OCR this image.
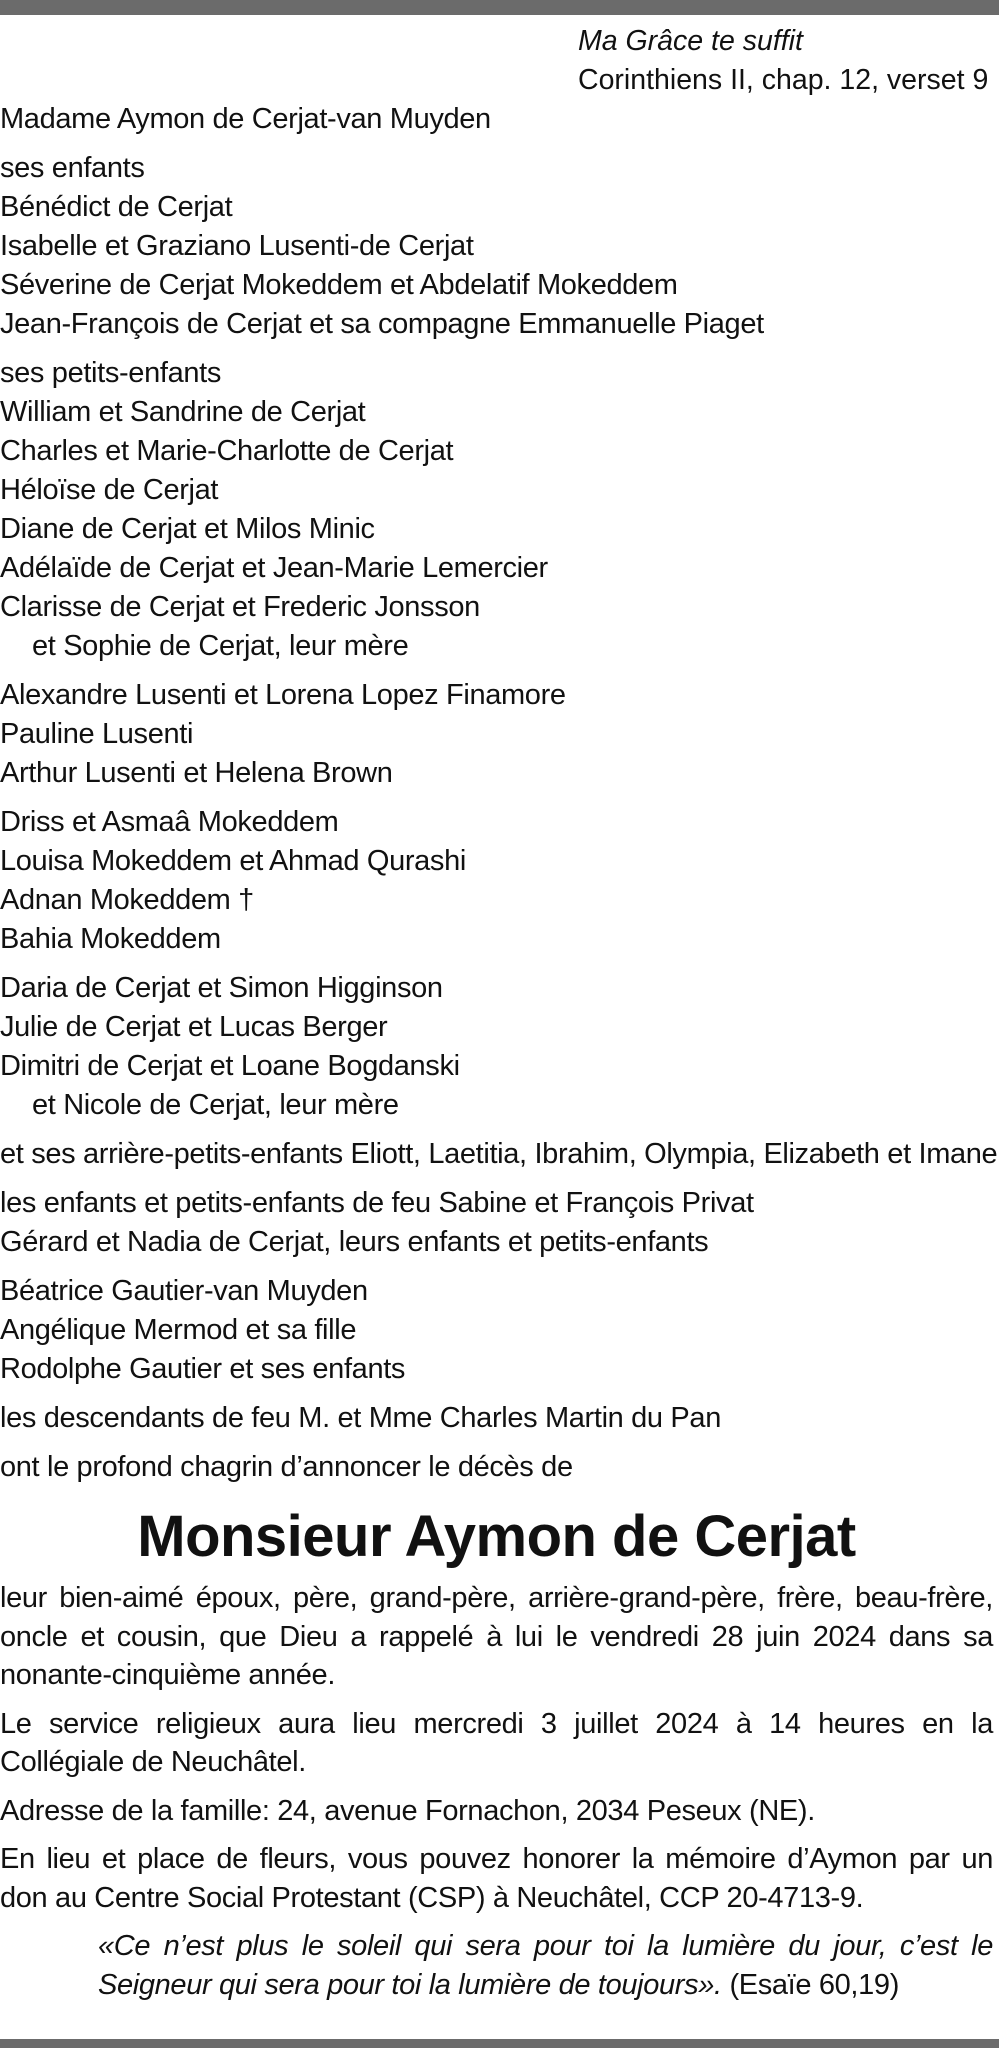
Ma Grâce te suffit
Corinthiens II, chap. 12, verset 9
Madame Aymon de Cerjat-van Muyden
ses enfants
Bénédict de Cerjat
Isabelle et Graziano Lusenti-de Cerjat
Séverine de Cerjat Mokeddem et Abdelatif Mokeddem
Jean-François de Cerjat et sa compagne Emmanuelle Piaget
ses petits-enfants
William et Sandrine de Cerjat
Charles et Marie-Charlotte de Cerjat
Héloïse de Cerjat
Diane de Cerjat et Milos Minic
Adélaïde de Cerjat et Jean-Marie Lemercier
Clarisse de Cerjat et Frederic Jonsson
et Sophie de Cerjat, leur mère
Alexandre Lusenti et Lorena Lopez Finamore
Pauline Lusenti
Arthur Lusenti et Helena Brown
Driss et Asmaâ Mokeddem
Louisa Mokeddem et Ahmad Qurashi
Adnan Mokeddem †
Bahia Mokeddem
Daria de Cerjat et Simon Higginson
Julie de Cerjat et Lucas Berger
Dimitri de Cerjat et Loane Bogdanski
et Nicole de Cerjat, leur mère
et ses arrière-petits-enfants Eliott, Laetitia, Ibrahim, Olympia, Elizabeth et Imane
les enfants et petits-enfants de feu Sabine et François Privat
Gérard et Nadia de Cerjat, leurs enfants et petits-enfants
Béatrice Gautier-van Muyden
Angélique Mermod et sa fille
Rodolphe Gautier et ses enfants
les descendants de feu M. et Mme Charles Martin du Pan
ont le profond chagrin d’annoncer le décès de
Monsieur Aymon de Cerjat
leur bien-aimé époux, père, grand-père, arrière-grand-père, frère, beau-frère, oncle et cousin, que Dieu a rappelé à lui le vendredi 28 juin 2024 dans sa nonante-cinquième année.
Le service religieux aura lieu mercredi 3 juillet 2024 à 14 heures en la Collégiale de Neuchâtel.
Adresse de la famille: 24, avenue Fornachon, 2034 Peseux (NE).
En lieu et place de fleurs, vous pouvez honorer la mémoire d’Aymon par un don au Centre Social Protestant (CSP) à Neuchâtel, CCP 20-4713-9.
«Ce n’est plus le soleil qui sera pour toi la lumière du jour, c’est le Seigneur qui sera pour toi la lumière de toujours». (Esaïe 60,19)
